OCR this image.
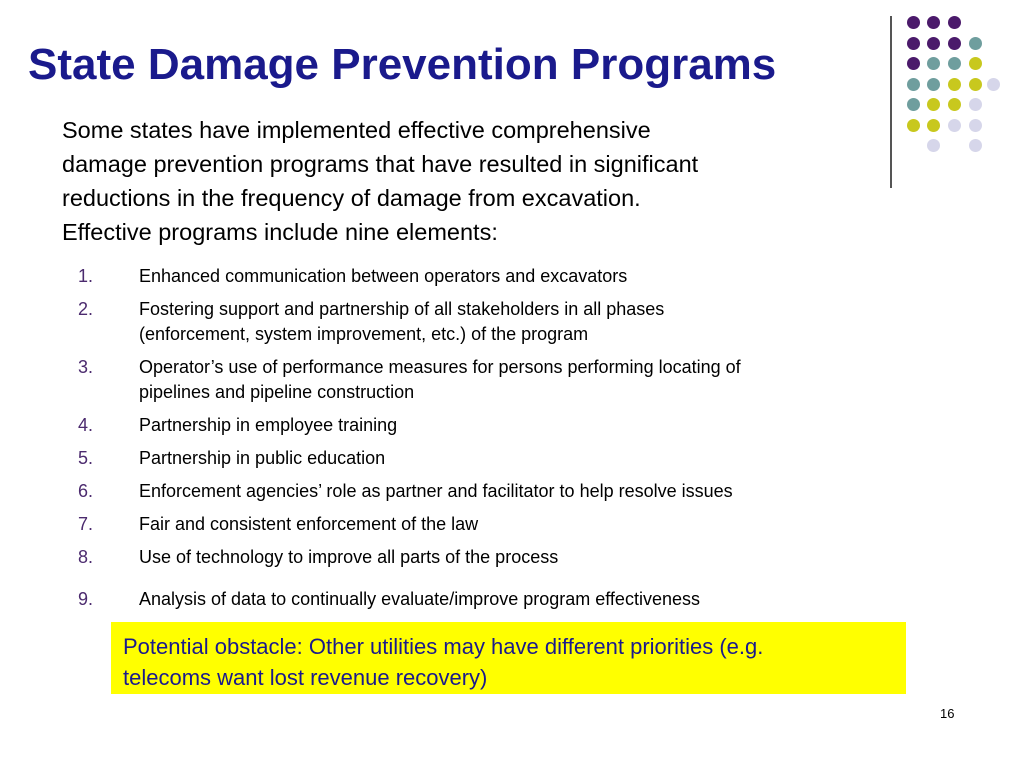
State Damage Prevention Programs

Some states have implemented effective comprehensive
damage prevention programs that have resulted in significant
reductions in the frequency of damage from excavation.
Effective programs include nine elements:

1.	Enhanced communication between operators and excavators
2.	Fostering support and partnership of all stakeholders in all phases
(enforcement, system improvement, etc.) of the program
3.	Operator’s use of performance measures for persons performing locating of
pipelines and pipeline construction
4.	Partnership in employee training
5.	Partnership in public education
6.	Enforcement agencies’ role as partner and facilitator to help resolve issues
7.	Fair and consistent enforcement of the law
8.	Use of technology to improve all parts of the process
9.	Analysis of data to continually evaluate/improve program effectiveness
Potential obstacle: Other utilities may have different priorities (e.g.
telecoms want lost revenue recovery)
16
